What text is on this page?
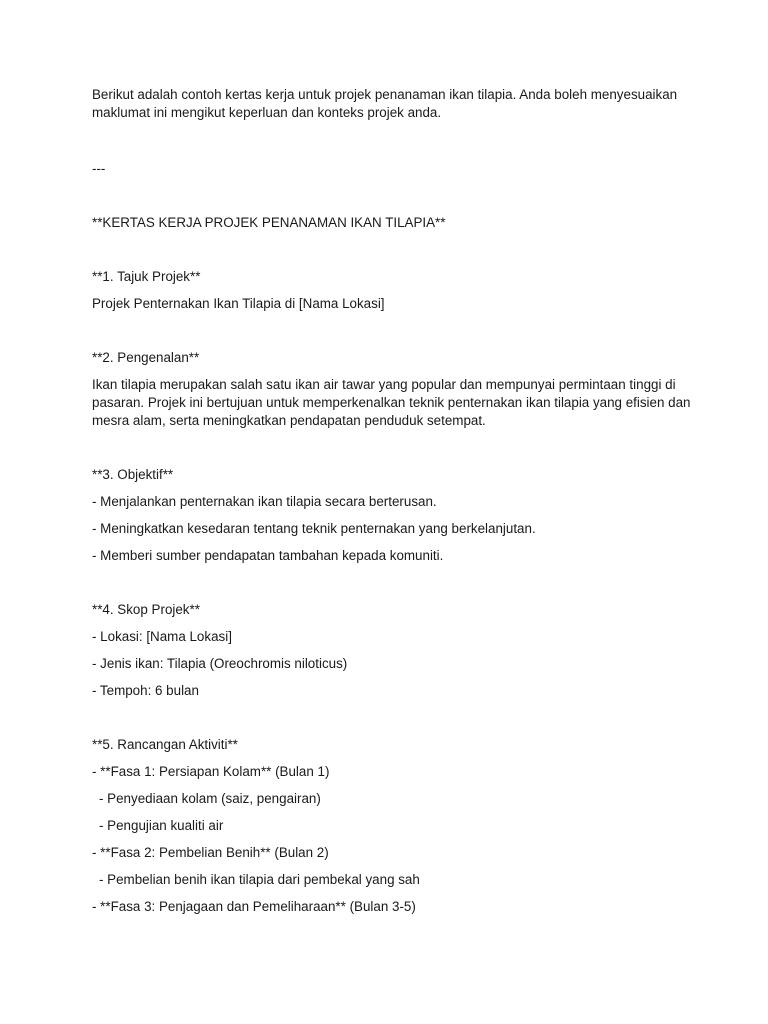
Berikut adalah contoh kertas kerja untuk projek penanaman ikan tilapia. Anda boleh menyesuaikan maklumat ini mengikut keperluan dan konteks projek anda.

---

**KERTAS KERJA PROJEK PENANAMAN IKAN TILAPIA**

**1. Tajuk Projek**

Projek Penternakan Ikan Tilapia di [Nama Lokasi]

**2. Pengenalan**

Ikan tilapia merupakan salah satu ikan air tawar yang popular dan mempunyai permintaan tinggi di pasaran. Projek ini bertujuan untuk memperkenalkan teknik penternakan ikan tilapia yang efisien dan mesra alam, serta meningkatkan pendapatan penduduk setempat.

**3. Objektif**

- Menjalankan penternakan ikan tilapia secara berterusan.

- Meningkatkan kesedaran tentang teknik penternakan yang berkelanjutan.

- Memberi sumber pendapatan tambahan kepada komuniti.

**4. Skop Projek**

- Lokasi: [Nama Lokasi]

- Jenis ikan: Tilapia (Oreochromis niloticus)

- Tempoh: 6 bulan

**5. Rancangan Aktiviti**

- **Fasa 1: Persiapan Kolam** (Bulan 1)

- Penyediaan kolam (saiz, pengairan)

- Pengujian kualiti air

- **Fasa 2: Pembelian Benih** (Bulan 2)

- Pembelian benih ikan tilapia dari pembekal yang sah

- **Fasa 3: Penjagaan dan Pemeliharaan** (Bulan 3-5)
